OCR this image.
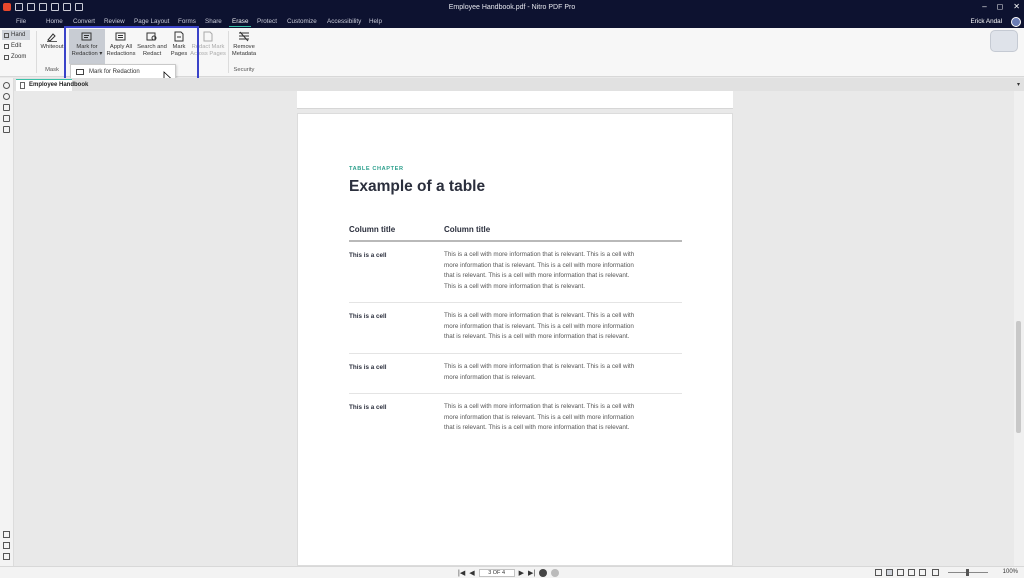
Employee Handbook.pdf - Nitro PDF Pro	– ◻ ✕
File	Home Convert Review Page Layout Forms Share Erase Protect Customize Accessibility Help	Erick Andal
Hand
Edit
Zoom
Whiteout
Mask
Mark for
Redaction ▾
Apply All
Redactions
Search and
Redact
Mark
Pages
Redact Mark
Across Pages
Remove
Metadata
Security
Mark for Redaction
Employee Handbook	▾
TABLE CHAPTER
Example of a table
Column title	Column title
This is a cell	This is a cell with more information that is relevant. This is a cell with
more information that is relevant. This is a cell with more information
that is relevant. This is a cell with more information that is relevant.
This is a cell with more information that is relevant.
This is a cell	This is a cell with more information that is relevant. This is a cell with
more information that is relevant. This is a cell with more information
that is relevant. This is a cell with more information that is relevant.
This is a cell	This is a cell with more information that is relevant. This is a cell with
more information that is relevant.
This is a cell	This is a cell with more information that is relevant. This is a cell with
more information that is relevant. This is a cell with more information
that is relevant. This is a cell with more information that is relevant.
|◀ ◀	3 OF 4	▶ ▶|	100%
